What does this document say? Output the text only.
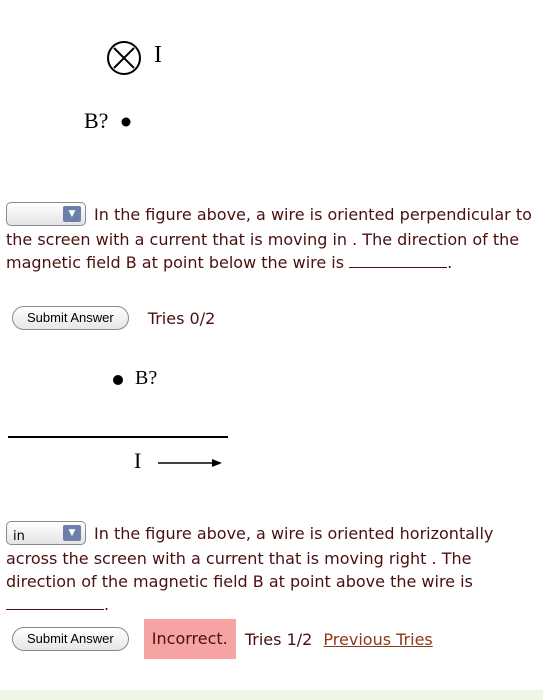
I
B?
▼	In the figure above, a wire is oriented perpendicular to the screen with a current that is moving in . The direction of the magnetic field B at point below the wire is	.
Submit Answer Tries 0/2
B?
I
in	▼	In the figure above, a wire is oriented horizontally across the screen with a current that is moving right . The direction of the magnetic field B at point above the wire is
.
Submit Answer Incorrect. Tries 1/2 Previous Tries
